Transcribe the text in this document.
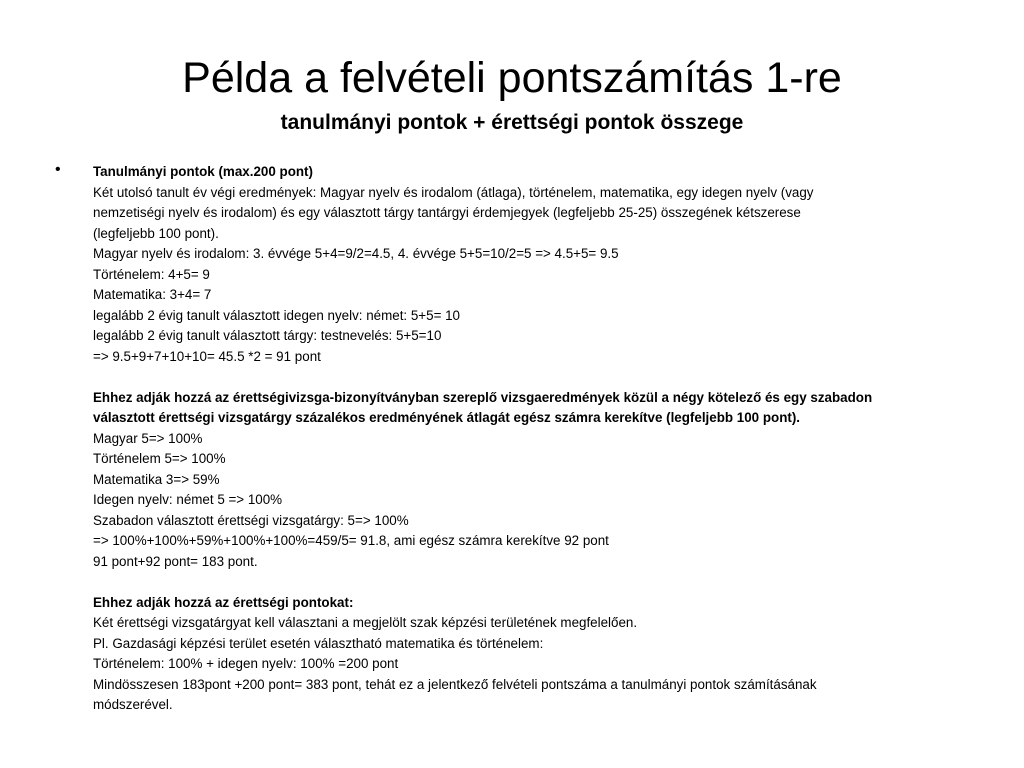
Példa a felvételi pontszámítás 1-re
tanulmányi pontok + érettségi pontok összege
• Tanulmányi pontok (max.200 pont)
Két utolsó tanult év végi eredmények: Magyar nyelv és irodalom (átlaga), történelem, matematika, egy idegen nyelv (vagy
nemzetiségi nyelv és irodalom) és egy választott tárgy tantárgyi érdemjegyek (legfeljebb 25-25) összegének kétszerese
(legfeljebb 100 pont).
Magyar nyelv és irodalom: 3. évvége 5+4=9/2=4.5, 4. évvége 5+5=10/2=5 => 4.5+5= 9.5
Történelem: 4+5= 9
Matematika: 3+4= 7
legalább 2 évig tanult választott idegen nyelv: német: 5+5= 10
legalább 2 évig tanult választott tárgy: testnevelés: 5+5=10
=> 9.5+9+7+10+10= 45.5 *2 = 91 pont
Ehhez adják hozzá az érettségivizsga-bizonyítványban szereplő vizsgaeredmények közül a négy kötelező és egy szabadon
választott érettségi vizsgatárgy százalékos eredményének átlagát egész számra kerekítve (legfeljebb 100 pont).
Magyar 5=> 100%
Történelem 5=> 100%
Matematika 3=> 59%
Idegen nyelv: német 5 => 100%
Szabadon választott érettségi vizsgatárgy: 5=> 100%
=> 100%+100%+59%+100%+100%=459/5= 91.8, ami egész számra kerekítve 92 pont
91 pont+92 pont= 183 pont.
Ehhez adják hozzá az érettségi pontokat:
Két érettségi vizsgatárgyat kell választani a megjelölt szak képzési területének megfelelően.
Pl. Gazdasági képzési terület esetén választható matematika és történelem:
Történelem: 100% + idegen nyelv: 100% =200 pont
Mindösszesen 183pont +200 pont= 383 pont, tehát ez a jelentkező felvételi pontszáma a tanulmányi pontok számításának
módszerével.
